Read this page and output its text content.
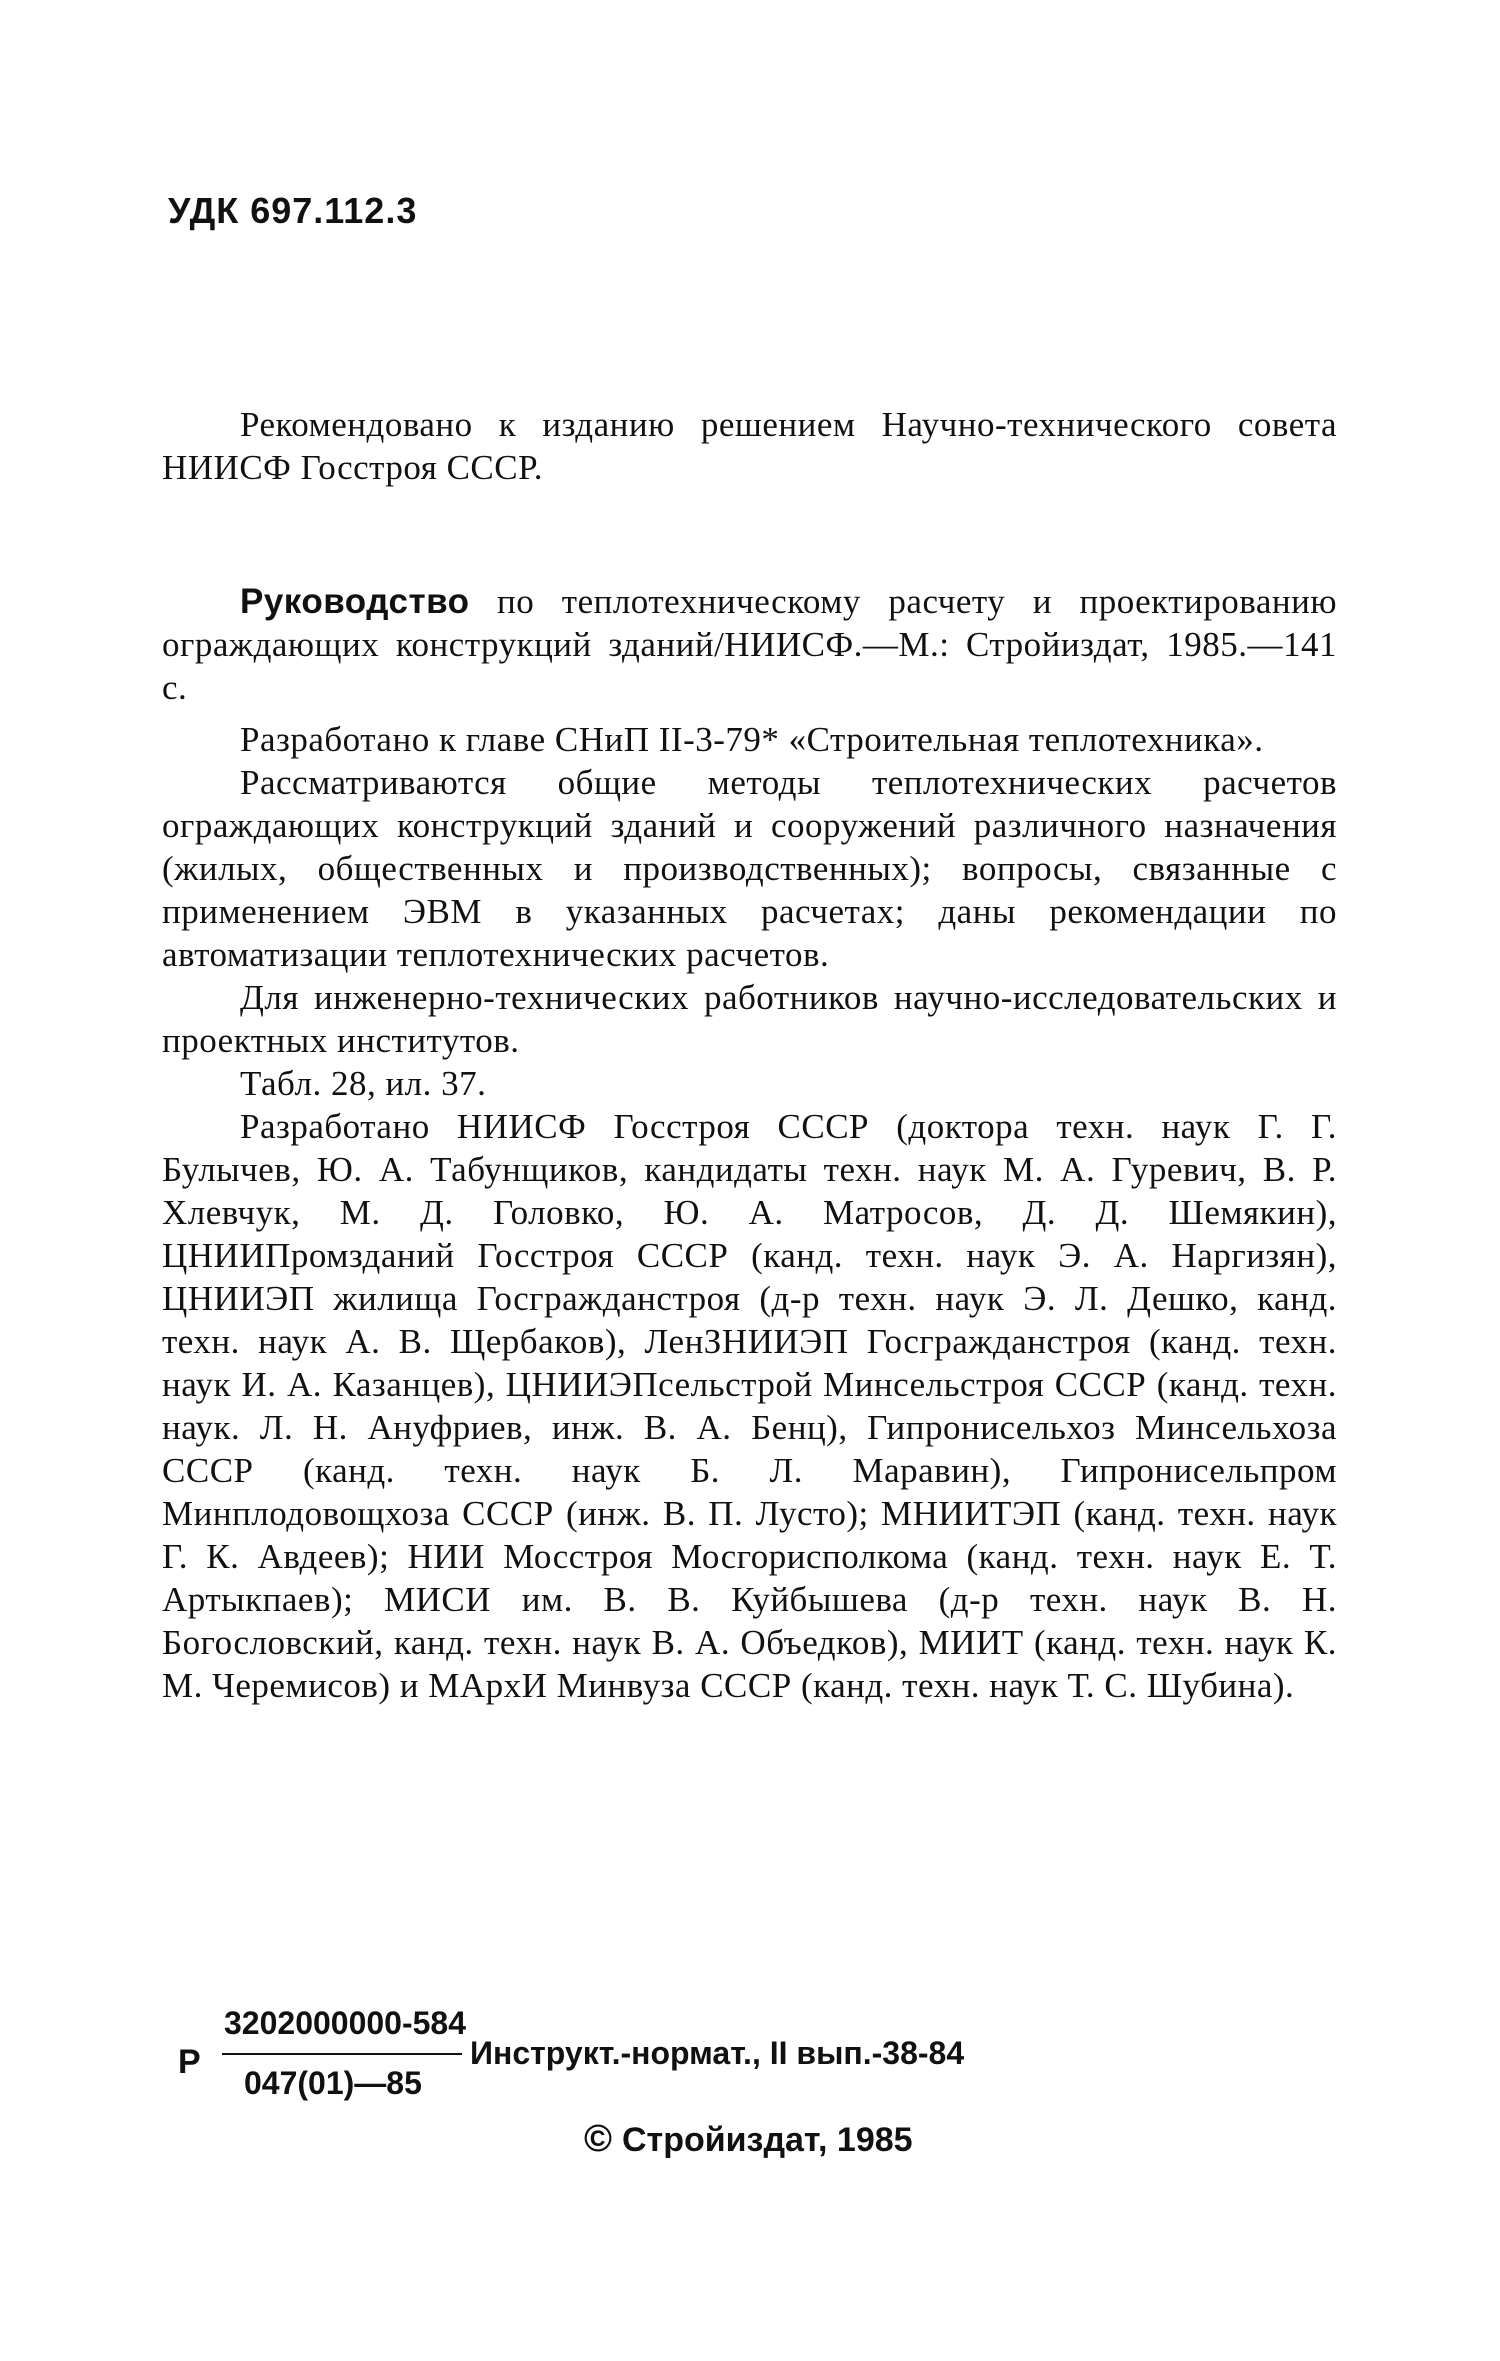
УДК 697.112.3

Рекомендовано к изданию решением Научно-технического совета НИИСФ Госстроя СССР.

Руководство по теплотехническому расчету и проектированию ограждающих конструкций зданий/НИИСФ.—М.: Стройиздат, 1985.—141 с.

Разработано к главе СНиП II-3-79* «Строительная теплотехника».

Рассматриваются общие методы теплотехнических расчетов ограждающих конструкций зданий и сооружений различного назначения (жилых, общественных и производственных); вопросы, связанные с применением ЭВМ в указанных расчетах; даны рекомендации по автоматизации теплотехнических расчетов.

Для инженерно-технических работников научно-исследовательских и проектных институтов.

Табл. 28, ил. 37.

Разработано НИИСФ Госстроя СССР (доктора техн. наук Г. Г. Булычев, Ю. А. Табунщиков, кандидаты техн. наук М. А. Гуревич, В. Р. Хлевчук, М. Д. Головко, Ю. А. Матросов, Д. Д. Шемякин), ЦНИИПромзданий Госстроя СССР (канд. техн. наук Э. А. Наргизян), ЦНИИЭП жилища Госгражданстроя (д-р техн. наук Э. Л. Дешко, канд. техн. наук А. В. Щербаков), ЛенЗНИИЭП Госгражданстроя (канд. техн. наук И. А. Казанцев), ЦНИИЭПсельстрой Минсельстроя СССР (канд. техн. наук. Л. Н. Ануфриев, инж. В. А. Бенц), Гипронисельхоз Минсельхоза СССР (канд. техн. наук Б. Л. Маравин), Гипронисельпром Минплодовощхоза СССР (инж. В. П. Лусто); МНИИТЭП (канд. техн. наук Г. К. Авдеев); НИИ Мосстроя Мосгорисполкома (канд. техн. наук Е. Т. Артыкпаев); МИСИ им. В. В. Куйбышева (д-р техн. наук В. Н. Богословский, канд. техн. наук В. А. Объедков), МИИТ (канд. техн. наук К. М. Черемисов) и МАрхИ Минвуза СССР (канд. техн. наук Т. С. Шубина).

Р
3202000000-584
047(01)—85
Инструкт.-нормат., II вып.-38-84
© Стройиздат, 1985
